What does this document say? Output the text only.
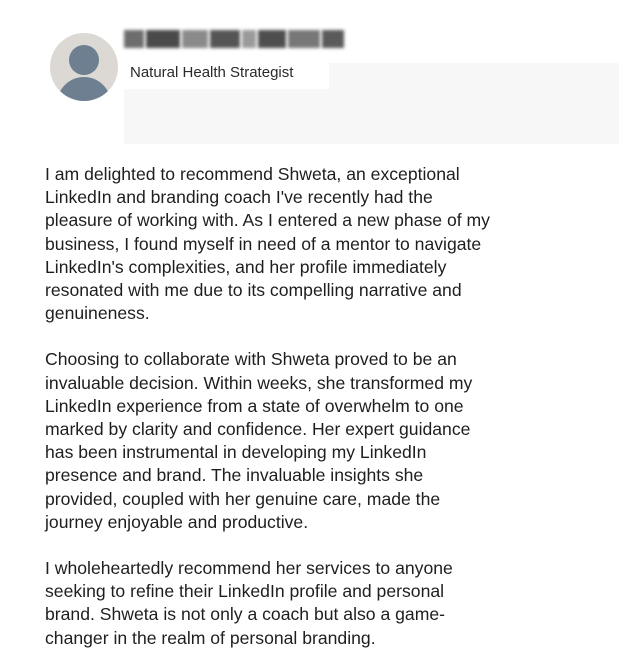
Natural Health Strategist

I am delighted to recommend Shweta, an exceptional
LinkedIn and branding coach I've recently had the
pleasure of working with. As I entered a new phase of my
business, I found myself in need of a mentor to navigate
LinkedIn's complexities, and her profile immediately
resonated with me due to its compelling narrative and
genuineness.

Choosing to collaborate with Shweta proved to be an
invaluable decision. Within weeks, she transformed my
LinkedIn experience from a state of overwhelm to one
marked by clarity and confidence. Her expert guidance
has been instrumental in developing my LinkedIn
presence and brand. The invaluable insights she
provided, coupled with her genuine care, made the
journey enjoyable and productive.

I wholeheartedly recommend her services to anyone
seeking to refine their LinkedIn profile and personal
brand. Shweta is not only a coach but also a game-
changer in the realm of personal branding.
